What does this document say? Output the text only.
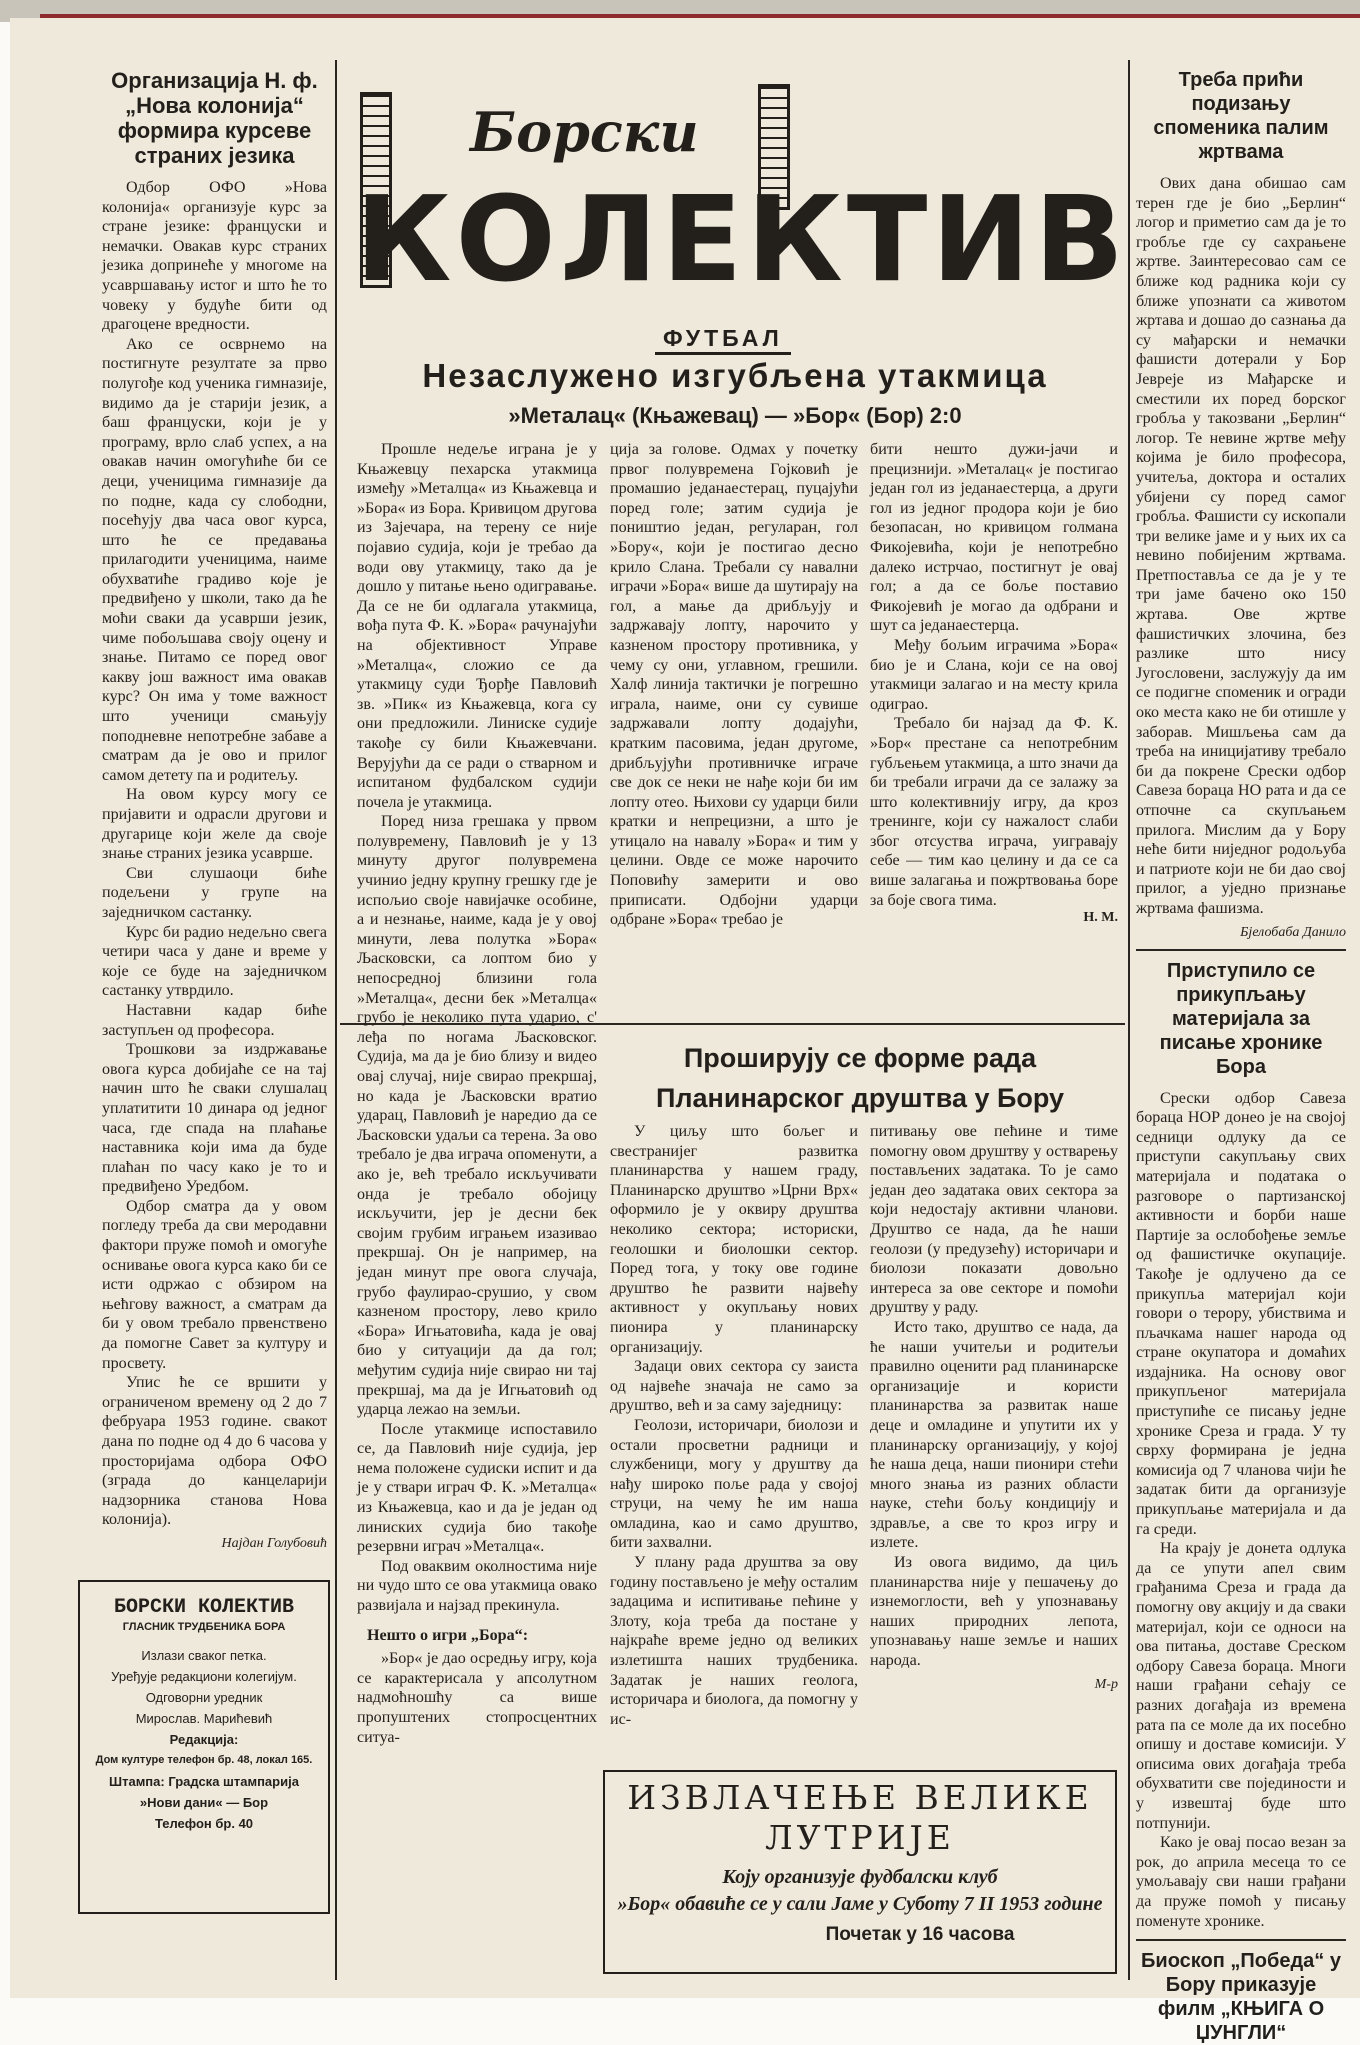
Организација Н. ф. „Нова колонија“ формира курсеве страних језика

Одбор ОФО »Нова колонија« организује курс за стране језике: француски и немачки. Овакав курс страних језика допринеће у многоме на усавршавању истог и што ће то човеку у будуће бити од драгоцене вредности.

Ако се осврнемо на постигнуте резултате за прво полугође код ученика гимназије, видимо да је старији језик, а баш француски, који је у програму, врло слаб успех, а на овакав начин омогућиће би се деци, ученицима гимназије да по подне, када су слободни, посећују два часа овог курса, што ће се предавања прилагодити ученицима, наиме обухватиће градиво које је предвиђено у школи, тако да ће моћи свaки да усаврши језик, чиме побољшава своју оцену и знање. Питамо се поред овог какву још важност има овакав курс? Он има у томе важност што ученици смањују поподневне непотребне забаве а сматрам да је ово и прилог самом детету па и родитељу.

На овом курсу могу се пријавити и одрасли другови и другарице који желе да своје знање страних језика усаврше.

Сви слушаоци биће подељени у групе на заједничком састанку.

Курс би радио недељно свега четири часа у дане и време у које се буде на заједничком састанку утврдило.

Наставни кадар биће заступљен од професора.

Трошкови за издржавање овога курса добијаће се на тај начин што ће сваки слушалац уплатитити 10 динара од једног часа, где спада на плаћање наставника који има да буде плаћан по часу како је то и предвиђено Уредбом.

Одбор сматра да у овом погледу треба да сви меродавни фактори пруже помоћ и омогуће оснивање овога курса како би се исти одржао с обзиром на њећгову важност, а сматрам да би у овом требало првенствено да помогне Савет за културу и просвету.

Упис ће се вршити у ограниченом времену од 2 до 7 фебруара 1953 године. свакот дана по подне од 4 до 6 часова у просторијама одбора ОФО (зграда до канцеларији надзорника станова Нова колонија).

Најдан Голубовић

БОРСКИ КОЛЕКТИВ
ГЛАСНИК ТРУДБЕНИКА БОРА
Излази сваког петка.
Уређује редакциони колегијум.
Одговорни уредник
Мирослав. Марићевић
Редакција:
Дом културе телефон бр. 48, локал 165.
Штампа: Градска штампарија
»Нови дани« — Бор
Телефон бр. 40
Борски
КОЛЕКТИВ
ФУТБАЛ
Незаслужено изгубљена утакмица
»Металац« (Књажевац) — »Бор« (Бор) 2:0

Прошле недеље играна је у Књажевцу пехарска утакмица између »Металца« из Књажевца и »Бора« из Бора. Кривицом другова из Зајечара, на терену се није појавио судија, који је требао да води ову утакмицу, тако да је дошло у питање њено одигравање. Да се не би одлагала утакмица, вођа пута Ф. К. »Бора« рачунајући на објективност Управе »Металца«, сложио се да утакмицу суди Ђорђе Павловић зв. »Пик« из Књажевца, кога су они предложили. Линиске судије такође су били Књажевчани. Верујући да се ради о стварном и испитаном фудбалском судији почела је утакмица.

Поред низа грешака у првом полувремену, Павловић је у 13 минуту другог полувремена учинио једну крупну грешку где је испољио своје навијачке особине, а и незнање, наиме, када је у овој минути, лева полутка »Бора« Љасковски, са лоптом био у непосредној близини гола »Металца«, десни бек »Металца« грубо је неколико пута ударио, с' леђа по ногама Љасковског. Судија, ма да је био близу и видео овај случај, није свирао прекршај, но када је Љасковски вратио ударац, Павловић је наредио да се Љасковски удаљи са терена. За ово требало је два играча опоменути, а ако је, већ требало искључивати онда је требало обојицу искључити, јер је десни бек својим грубим играњем изазивао прекршај. Он је например, на један минут пре овога случаја, грубо фаулирао-срушио, у свом казненом простору, лево крило «Бора» Игњатовића, када је овај био у ситуацији да да гол; међутим судија није свирао ни тај прекршај, ма да је Игњатовић од ударца лежао на земљи.

После утакмице испоставило се, да Павловић није судија, јер нема положене судиски испит и да је у ствари играч Ф. К. »Металца« из Књажевца, као и да је један од линиских судија био такође резервни играч »Металца«.

Под оваквим околностима није ни чудо што се ова утакмица овако развијала и најзад прекинула.

Нешто о игри „Бора“:

»Бор« је дао осредњу игру, која се карактерисала у апсолутном надмоћношћу са више пропуштених стопросцентних ситуа-

ција за голове. Одмах у почетку првог полувремена Гојковић је промашио једанаестерац, пуцајући поред голе; затим судија је поништио један, регуларан, гол »Бору«, који је постигао десно крило Слана. Требали су навални играчи »Бора« више да шутирају на гол, а мање да дрибљују и задржавају лопту, нарочито у казненом простору противника, у чему су они, углавном, грешили. Халф линија тактички је погрешно играла, наиме, они су сувише задржавали лопту додајући, кратким пасовима, један другоме, дрибљујући противничке играче све док се неки не нађе који би им лопту отео. Њихови су ударци били кратки и непрецизни, а што је утицало на навалу »Бора« и тим у целини. Овде се може нарочито Поповићу замерити и ово приписати. Одбојни ударци одбране »Бора« требао је

бити нешто дужи-јачи и прецизнији. »Металац« је постигао један гол из једанаестерца, а други гол из једног продора који је био безопасан, но кривицом голмана Фикојевића, који је непотребно далеко истрчао, постигнут је овај гол; а да се боље поставио Фикојевић је могао да одбрани и шут са једанаестерца.

Међу бољим играчима »Бора« био је и Слана, који се на овој утакмици залагао и на месту крила одиграо.

Требало би најзад да Ф. К. »Бор« престане са непотребним губљењем утакмица, а што значи да би требали играчи да се залажу за што колективнију игру, да кроз тренинге, који су нажалост слаби због отсуства играча, уигравају себе — тим као целину и да се са више залагања и пожртвовања боре за боје свога тима.

Н. М.

Проширују се форме рада Планинарског друштва у Бору

У циљу што бољег и свестранијег развитка планинарства у нашем граду, Планинарско друштво »Црни Врх« оформило је у оквиру друштва неколико сектора; историски, геолошки и биолошки сектор. Поред тога, у току ове године друштво ће развити највећу активност у окупљању нових пионира у планинарску организацију.

Задаци ових сектора су заиста од највеће значаја не само за друштво, већ и за саму заједницу:

Геолози, историчари, биолози и остали просветни радници и службеници, могу у друштву да нађу широко поље рада у својој струци, на чему ће им наша омладина, као и само друштво, бити захвални.

У плану рада друштва за ову годину постављено је међу осталим задацима и испитивање пећине у Злоту, која треба да постане у најкраће време једно од великих излетишта наших трудбеника. Задатак је наших геолога, историчара и биолога, да помогну у ис-

питивању ове пећине и тиме помогну овом друштву у остварењу постављених задатака. То је само један део задатака ових сектора за који недостају активни чланови. Друштво се нада, да ће наши геолози (у предузећу) историчари и биолози показати довољно интереса за ове секторе и помоћи друштву у раду.

Исто тако, друштво се нада, да ће наши учитељи и родитељи правилно оценити рад планинарске организације и користи планинарства за развитак наше деце и омладине и упутити их у планинарску организацију, у којој ће наша деца, наши пионири стећи много знања из разних области науке, стећи бољу кондицију и здравље, а све то кроз игру и излете.

Из овога видимо, да циљ планинарства није у пешачењу до изнемоглости, већ у упознавању наших природних лепота, упознавању наше земље и наших народа.

М-р

ИЗВЛАЧЕЊЕ ВЕЛИКЕ ЛУТРИЈЕ
Коју организује фудбалски клуб
»Бор« обавиће се у сали Јаме у Суботу 7 II 1953 године
Почетак у 16 часова
Треба прићи подизању споменика палим жртвама

Ових дана обишао сам терен где је био „Берлин“ логор и приметио сам да је то гробље где су сахрањене жртве. Заинтересовао сам се ближе код радника који су ближе упознати са животом жртава и дошао до сазнања да су мађарски и немачки фашисти дотерали у Бор Јевреје из Мађарске и сместили их поред борског гробља у такозвани „Берлин“ логор. Те невине жртве међу којима је било професора, учитеља, доктора и осталих убијени су поред самог гробља. Фашисти су ископали три велике јаме и у њих их са невино побијеним жртвама. Претпоставља се да је у те три јаме бачено око 150 жртава. Ове жртве фашистичких злочина, без разлике што нису Југословени, заслужују да им се подигне споменик и огради око места како не би отишле у заборав. Мишљења сам да треба на иницијативу требало би да покрене Срески одбор Савеза бораца НО рата и да се отпочне са скупљањем прилога. Мислим да у Бору неће бити ниједног родољуба и патриоте који не би дао свој прилог, а уједно признање жртвама фашизма.

Бјелобаба Данило

Приступило се прикупљању материјала за писање хронике Бора

Срески одбор Савеза бораца НОР донео је на својој седници одлуку да се приступи сакупљању свих материјала и података о разговоре о партизанској активности и борби наше Партије за ослобођење земље од фашистичке окупације. Такође је одлучено да се прикупља материјал који говори о терору, убиствима и пљачкама нашег народа од стране окупатора и домаћих издајника. На основу овог прикупљеног материјала приступиће се писању једне хронике Среза и града. У ту сврху формирана је једна комисија од 7 чланова чији ће задатак бити да организује прикупљање материјала и да га среди.

На крају је донета одлука да се упути апел свим грађанима Среза и града да помогну ову акцију и да сваки материјал, који се односи на ова питања, доставе Среском одбору Савеза бораца. Многи наши грађани сећају се разних догађаја из времена рата па се моле да их посебно опишу и доставе комисији. У описима ових догађаја треба обухватити све појединости и у извештај буде што потпунији.

Како је овај посао везан за рок, до априла месеца то се умољавају сви наши грађани да пруже помоћ у писању поменуте хронике.

Биоскоп „Победа“ у Бору приказује филм „КЊИГА О ЏУНГЛИ“
